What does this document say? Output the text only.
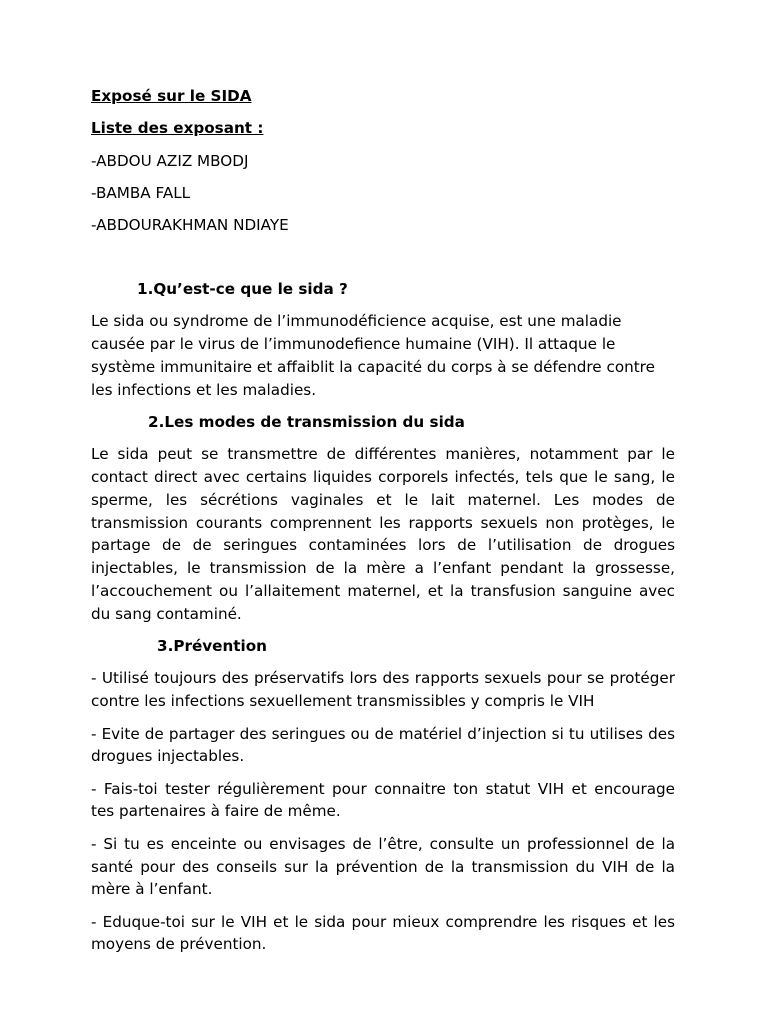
Exposé sur le SIDA

Liste des exposant :

-ABDOU AZIZ MBODJ

-BAMBA FALL

-ABDOURAKHMAN NDIAYE

1.Qu’est-ce que le sida ?

Le sida ou syndrome de l’immunodéficience acquise, est une maladie causée par le virus de l’immunodefience humaine (VIH). Il attaque le système immunitaire et affaiblit la capacité du corps à se défendre contre les infections et les maladies.

2.Les modes de transmission du sida

Le sida peut se transmettre de différentes manières, notamment par le contact direct avec certains liquides corporels infectés, tels que le sang, le sperme, les sécrétions vaginales et le lait maternel. Les modes de transmission courants comprennent les rapports sexuels non protèges, le partage de de seringues contaminées lors de l’utilisation de drogues injectables, le transmission de la mère a l’enfant pendant la grossesse, l’accouchement ou l’allaitement maternel, et la transfusion sanguine avec du sang contaminé.

3.Prévention

- Utilisé toujours des préservatifs lors des rapports sexuels pour se protéger contre les infections sexuellement transmissibles y compris le VIH

- Evite de partager des seringues ou de matériel d’injection si tu utilises des drogues injectables.

- Fais-toi tester régulièrement pour connaitre ton statut VIH et encourage tes partenaires à faire de même.

- Si tu es enceinte ou envisages de l’être, consulte un professionnel de la santé pour des conseils sur la prévention de la transmission du VIH de la mère à l’enfant.

- Eduque-toi sur le VIH et le sida pour mieux comprendre les risques et les moyens de prévention.
